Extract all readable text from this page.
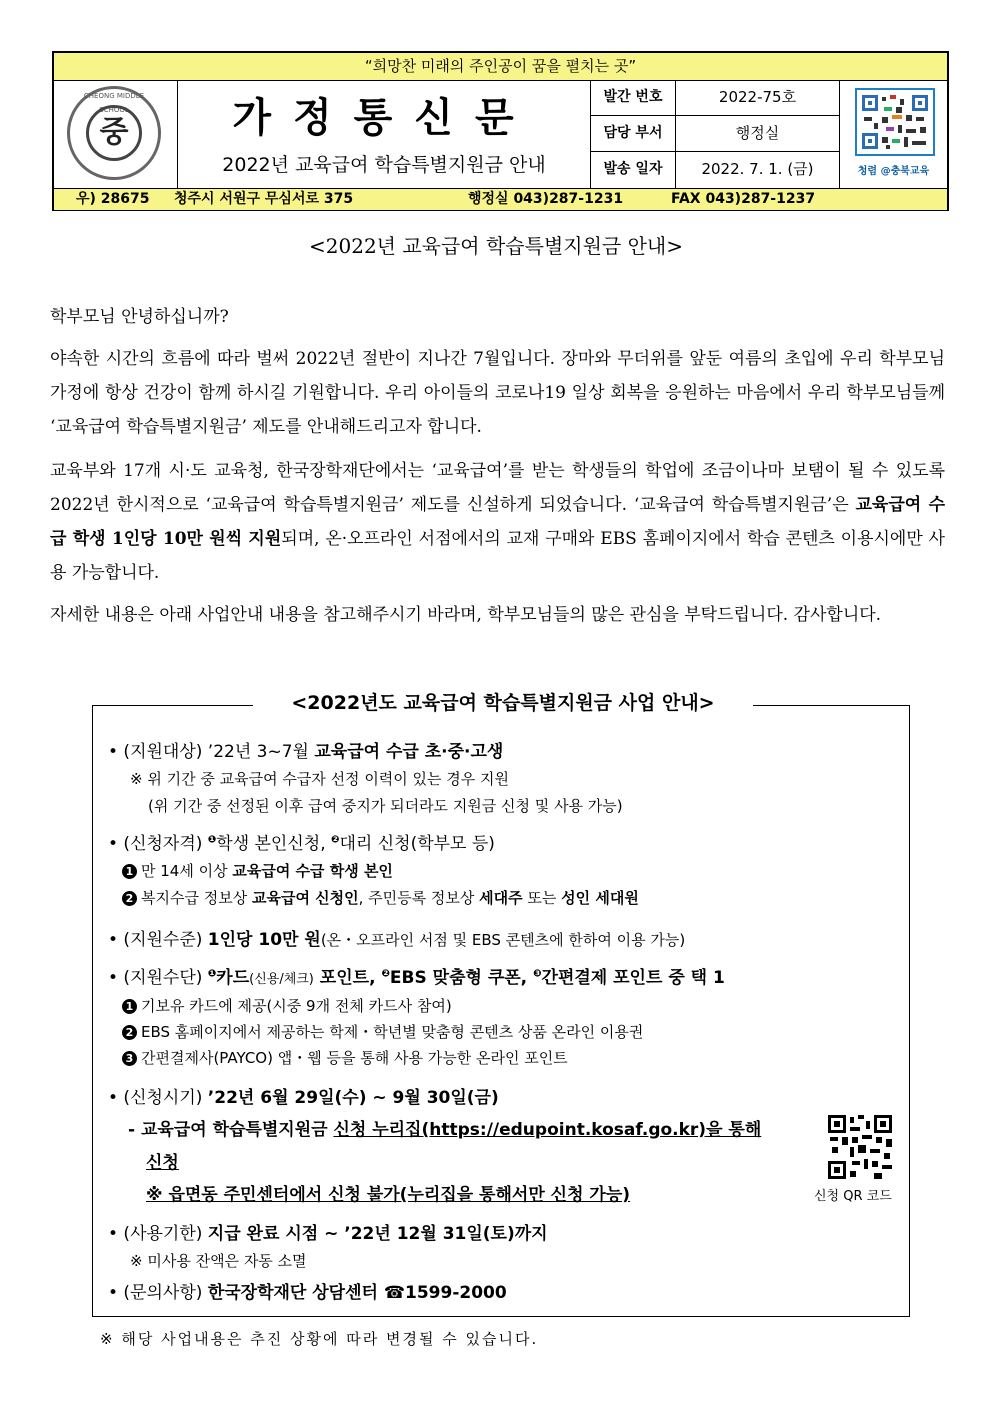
“희망찬 미래의 주인공이 꿈을 펼치는 곳”
CHEONG MIDDLE SCHOOL
중	가정통신문
2022년 교육급여 학습특별지원금 안내
발간 번호	2022-75호
담당 부서	행정실
발송 일자	2022. 7. 1. (금)	청렴 @충북교육
우) 28675 청주시 서원구 무심서로 375	행정실 043)287-1231	FAX 043)287-1237
<2022년 교육급여 학습특별지원금 안내>
학부모님 안녕하십니까?
야속한 시간의 흐름에 따라 벌써 2022년 절반이 지나간 7월입니다. 장마와 무더위를 앞둔 여름의 초입에 우리 학부모님 가정에 항상 건강이 함께 하시길 기원합니다. 우리 아이들의 코로나19 일상 회복을 응원하는 마음에서 우리 학부모님들께 ‘교육급여 학습특별지원금’ 제도를 안내해드리고자 합니다.
교육부와 17개 시·도 교육청, 한국장학재단에서는 ‘교육급여’를 받는 학생들의 학업에 조금이나마 보탬이 될 수 있도록 2022년 한시적으로 ‘교육급여 학습특별지원금’ 제도를 신설하게 되었습니다. ‘교육급여 학습특별지원금’은 교육급여 수급 학생 1인당 10만 원씩 지원되며, 온·오프라인 서점에서의 교재 구매와 EBS 홈페이지에서 학습 콘텐츠 이용시에만 사용 가능합니다.
자세한 내용은 아래 사업안내 내용을 참고해주시기 바라며, 학부모님들의 많은 관심을 부탁드립니다. 감사합니다.
<2022년도 교육급여 학습특별지원금 사업 안내>
• (지원대상) ’22년 3~7월 교육급여 수급 초·중·고생
※ 위 기간 중 교육급여 수급자 선정 이력이 있는 경우 지원
(위 기간 중 선정된 이후 급여 중지가 되더라도 지원금 신청 및 사용 가능)
• (신청자격) $^❶$학생 본인신청, $^❷$대리 신청(학부모 등)
1 만 14세 이상 교육급여 수급 학생 본인
2 복지수급 정보상 교육급여 신청인, 주민등록 정보상 세대주 또는 성인 세대원
• (지원수준) 1인당 10만 원(온・오프라인 서점 및 EBS 콘텐츠에 한하여 이용 가능)
• (지원수단) $^❶$카드(신용/체크) 포인트, $^❷$EBS 맞춤형 쿠폰, $^❸$간편결제 포인트 중 택 1
1 기보유 카드에 제공(시중 9개 전체 카드사 참여)
2 EBS 홈페이지에서 제공하는 학제・학년별 맞춤형 콘텐츠 상품 온라인 이용권
3 간편결제사(PAYCO) 앱・웹 등을 통해 사용 가능한 온라인 포인트
• (신청시기) ’22년 6월 29일(수) ~ 9월 30일(금)
- 교육급여 학습특별지원금 신청 누리집(https://edupoint.kosaf.go.kr)을 통해
신청
※ 읍면동 주민센터에서 신청 불가(누리집을 통해서만 신청 가능)	신청 QR 코드
• (사용기한) 지급 완료 시점 ~ ’22년 12월 31일(토)까지
※ 미사용 잔액은 자동 소멸
• (문의사항) 한국장학재단 상담센터 ☎1599-2000
※ 해당 사업내용은 추진 상황에 따라 변경될 수 있습니다.
